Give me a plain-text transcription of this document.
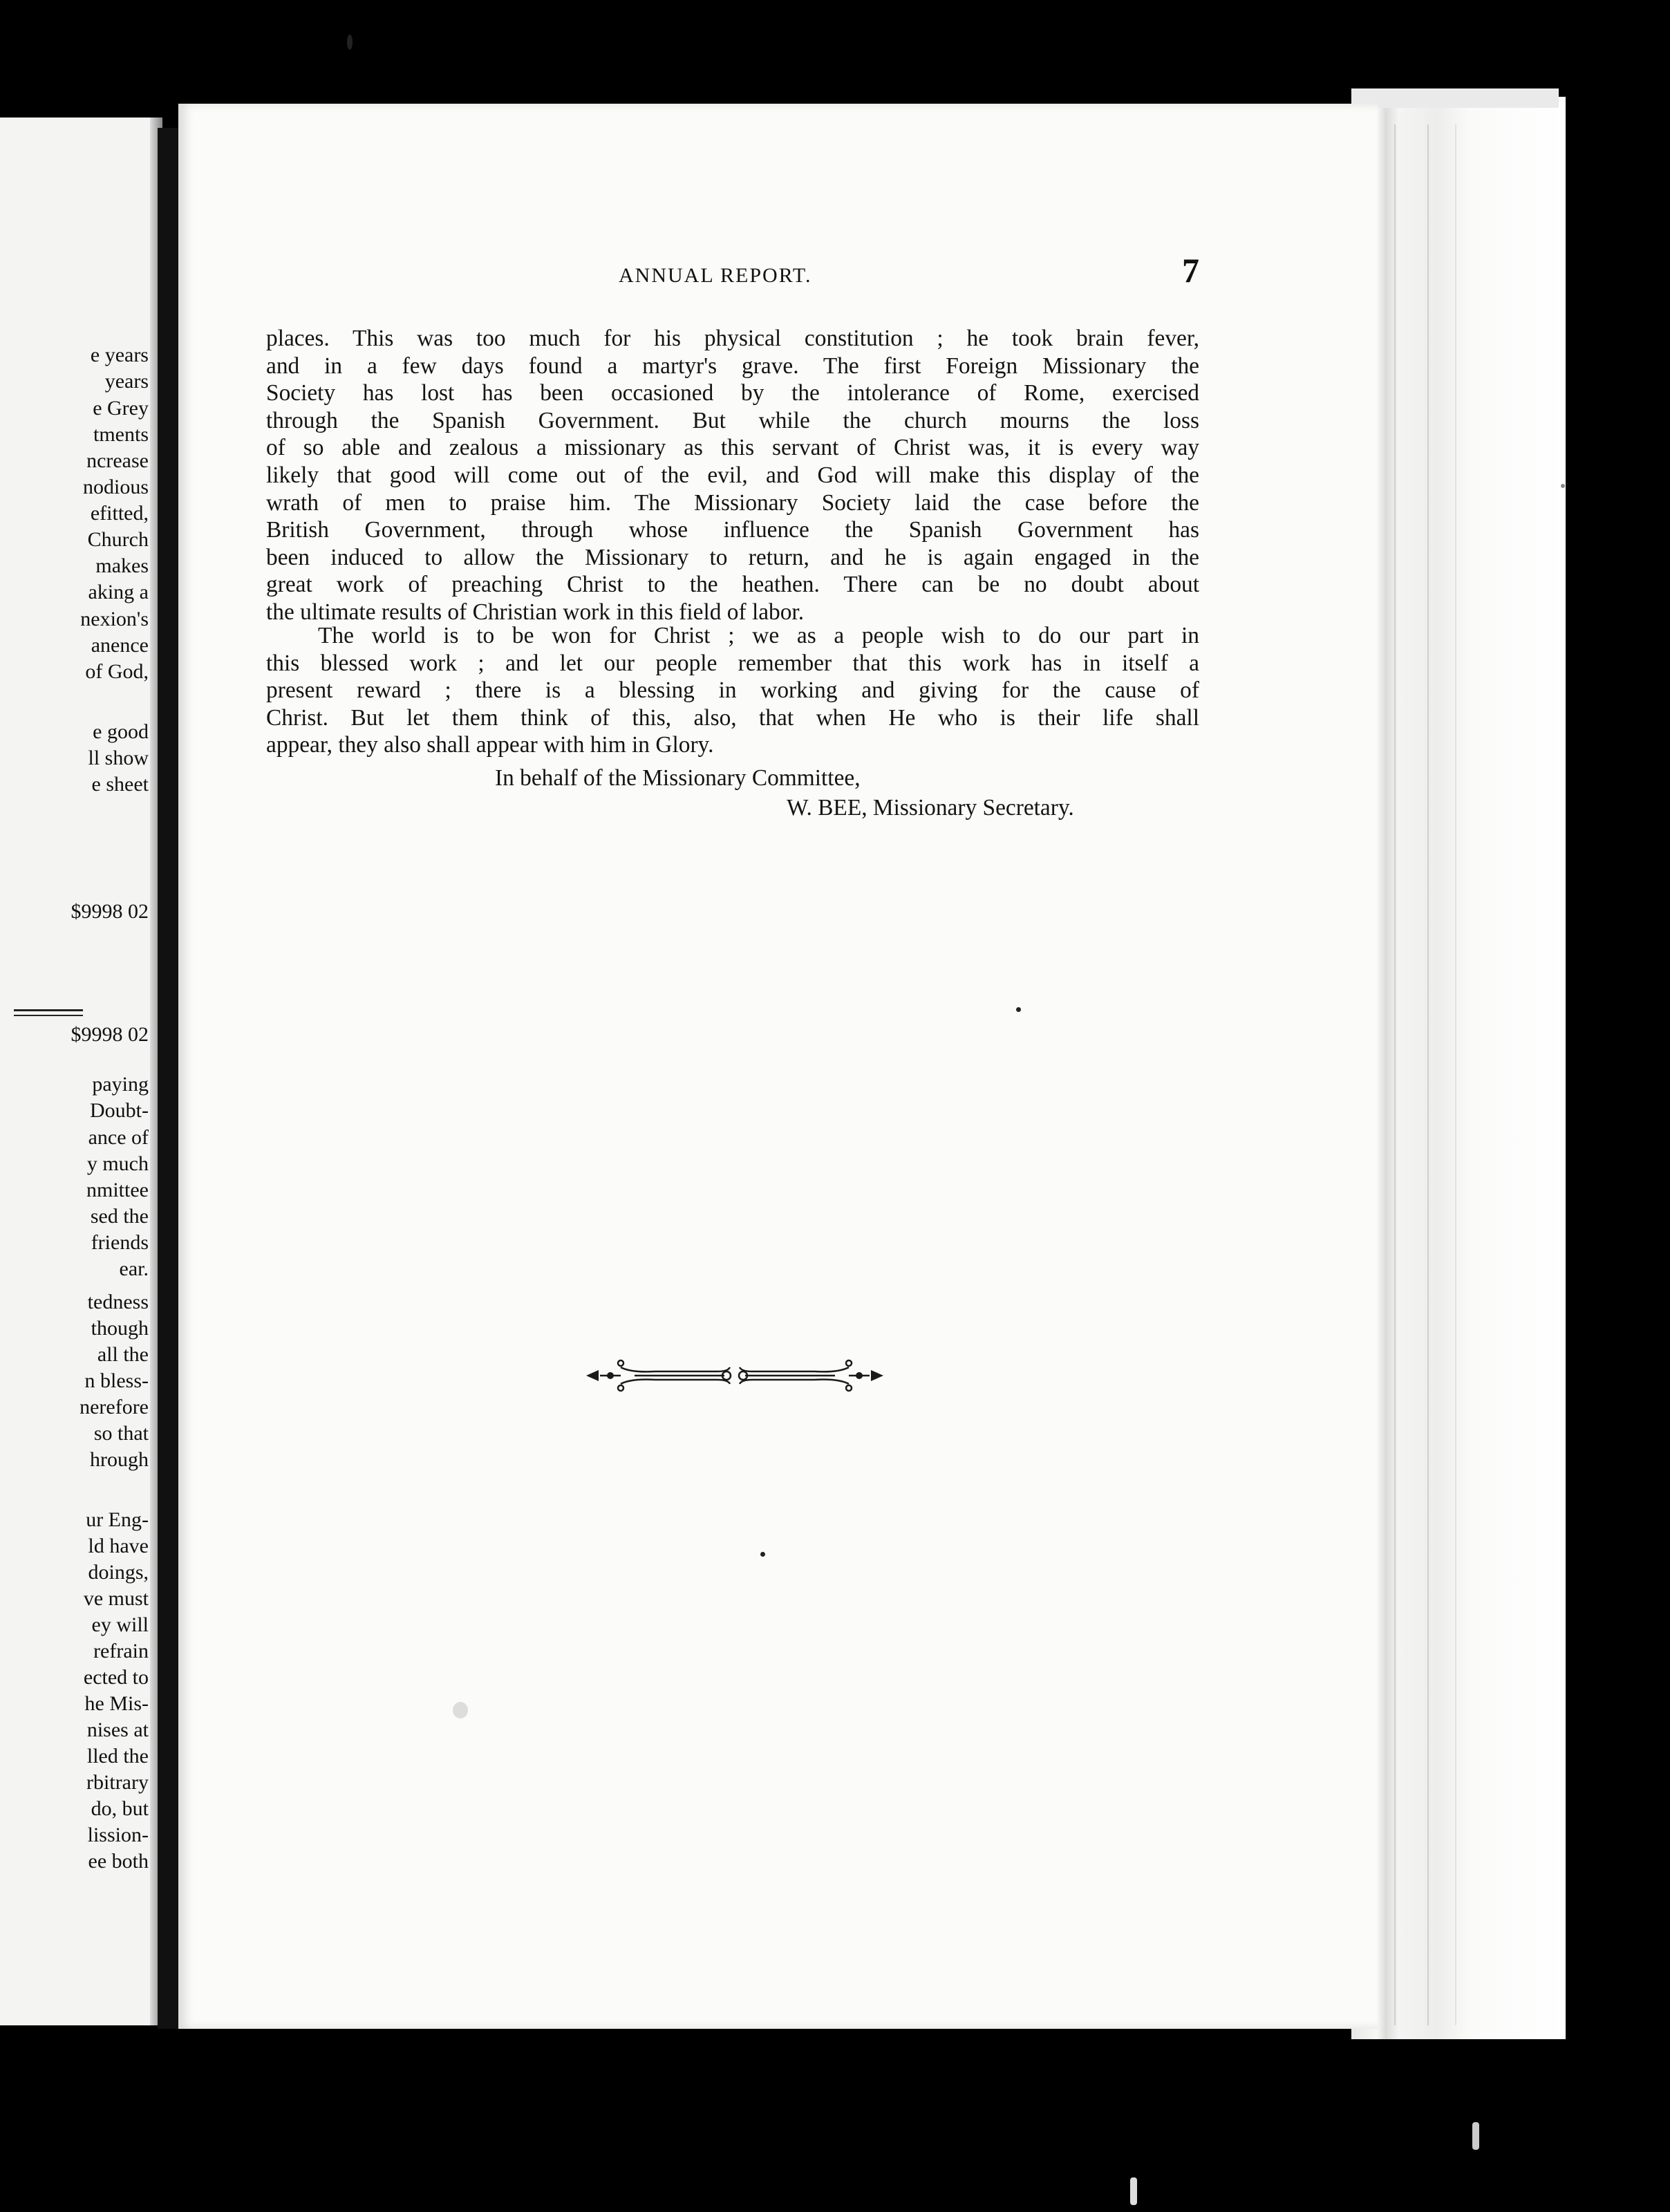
e years
years
e Grey
tments
ncrease
nodious
efitted,
Church
makes
aking a
nexion's
anence
of God,
e good
ll show
e sheet
$9998 02
$9998 02
paying
Doubt-
ance of
y much
nmittee
sed the
friends
ear.
tedness
though
all the
n bless-
nerefore
so that
hrough
ur Eng-
ld have
doings,
ve must
ey will
refrain
ected to
he Mis-
nises at
lled the
rbitrary
do, but
lission-
ee both
ANNUAL REPORT.	7
places. This was too much for his physical constitution ; he took brain fever,
and in a few days found a martyr's grave. The first Foreign Missionary the
Society has lost has been occasioned by the intolerance of Rome, exercised
through the Spanish Government. But while the church mourns the loss
of so able and zealous a missionary as this servant of Christ was, it is every way
likely that good will come out of the evil, and God will make this display of the
wrath of men to praise him. The Missionary Society laid the case before the
British Government, through whose influence the Spanish Government has
been induced to allow the Missionary to return, and he is again engaged in the
great work of preaching Christ to the heathen. There can be no doubt about
the ultimate results of Christian work in this field of labor.
The world is to be won for Christ ; we as a people wish to do our part in
this blessed work ; and let our people remember that this work has in itself a
present reward ; there is a blessing in working and giving for the cause of
Christ. But let them think of this, also, that when He who is their life shall
appear, they also shall appear with him in Glory.
In behalf of the Missionary Committee,
W. BEE, Missionary Secretary.
